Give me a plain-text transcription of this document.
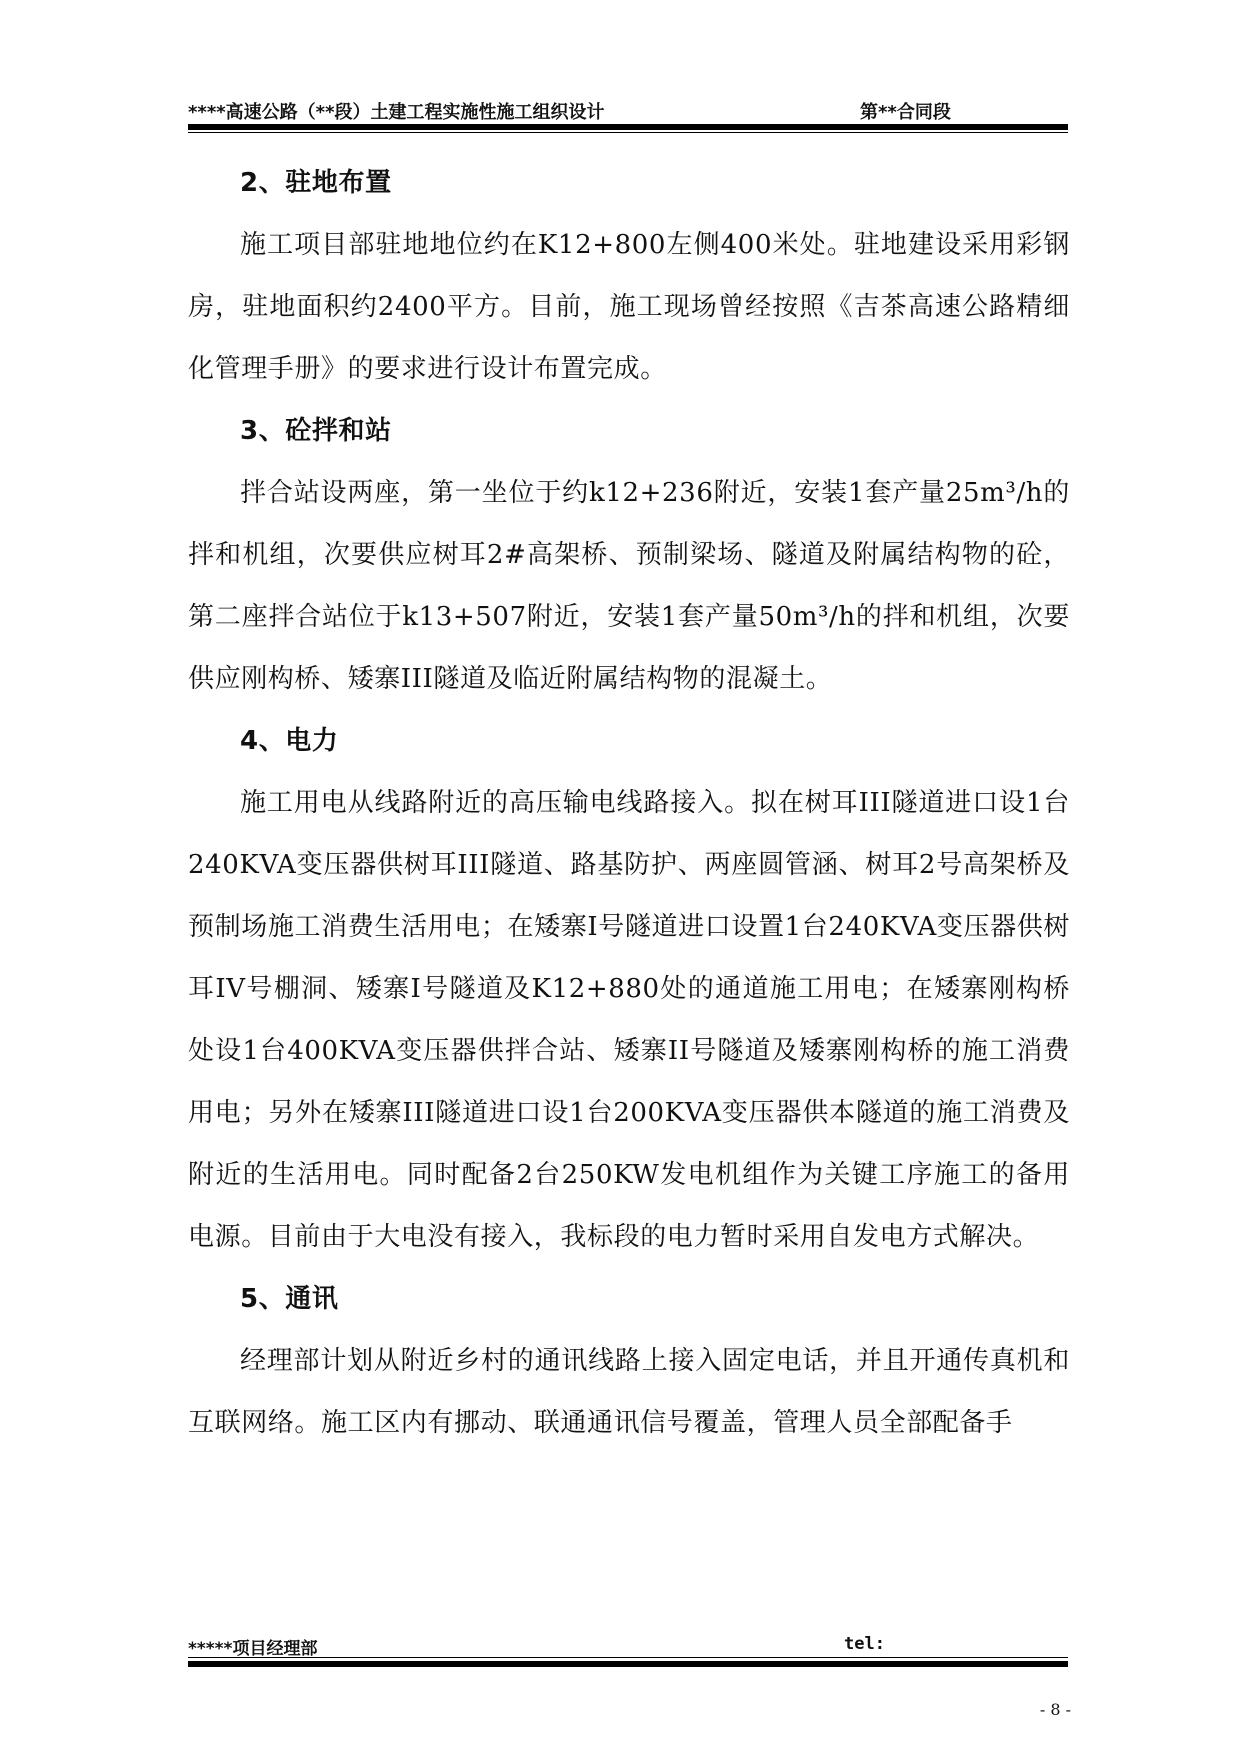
****高速公路（**段）土建工程实施性施工组织设计	第**合同段
2、驻地布置

施工项目部驻地地位约在K12+800左侧400米处。驻地建设采用彩钢房，驻地面积约2400平方。目前，施工现场曾经按照《吉茶高速公路精细化管理手册》的要求进行设计布置完成。

3、砼拌和站

拌合站设两座，第一坐位于约k12+236附近，安装1套产量25m³/h的拌和机组，次要供应树耳2#高架桥、预制梁场、隧道及附属结构物的砼，第二座拌合站位于k13+507附近，安装1套产量50m³/h的拌和机组，次要供应刚构桥、矮寨III隧道及临近附属结构物的混凝土。

4、电力

施工用电从线路附近的高压输电线路接入。拟在树耳III隧道进口设1台240KVA变压器供树耳III隧道、路基防护、两座圆管涵、树耳2号高架桥及预制场施工消费生活用电；在矮寨I号隧道进口设置1台240KVA变压器供树耳IV号棚洞、矮寨I号隧道及K12+880处的通道施工用电；在矮寨刚构桥处设1台400KVA变压器供拌合站、矮寨II号隧道及矮寨刚构桥的施工消费用电；另外在矮寨III隧道进口设1台200KVA变压器供本隧道的施工消费及附近的生活用电。同时配备2台250KW发电机组作为关键工序施工的备用电源。目前由于大电没有接入，我标段的电力暂时采用自发电方式解决。

5、通讯

经理部计划从附近乡村的通讯线路上接入固定电话，并且开通传真机和互联网络。施工区内有挪动、联通通讯信号覆盖，管理人员全部配备手

*****项目经理部	tel:
- 8 -
